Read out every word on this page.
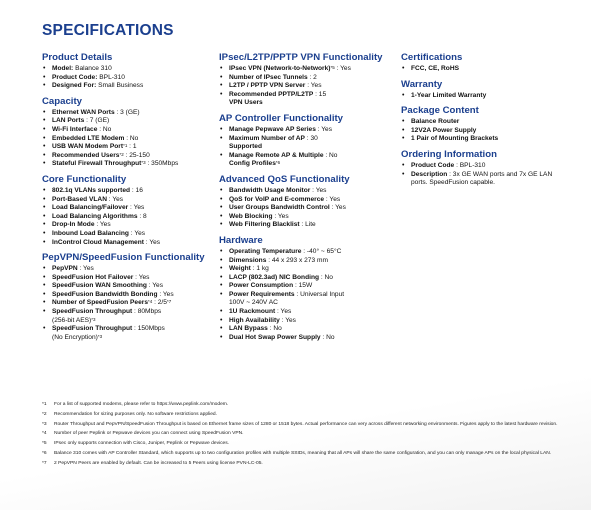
SPECIFICATIONS
Product Details
• Model: Balance 310
• Product Code: BPL-310
• Designed For: Small Business
Capacity
• Ethernet WAN Ports : 3 (GE)
• LAN Ports : 7 (GE)
• Wi-Fi Interface : No
• Embedded LTE Modem : No
• USB WAN Modem Port$^{*1}$ : 1
• Recommended Users$^{*2}$ : 25-150
• Stateful Firewall Throughput$^{*3}$ : 350Mbps
Core Functionality
• 802.1q VLANs supported : 16
• Port-Based VLAN : Yes
• Load Balancing/Failover : Yes
• Load Balancing Algorithms : 8
• Drop-In Mode : Yes
• Inbound Load Balancing : Yes
• InControl Cloud Management : Yes
PepVPN/SpeedFusion Functionality
• PepVPN : Yes
• SpeedFusion Hot Failover : Yes
• SpeedFusion WAN Smoothing : Yes
• SpeedFusion Bandwidth Bonding : Yes
• Number of SpeedFusion Peers$^{*4}$ : 2/5$^{*7}$
• SpeedFusion Throughput : 80Mbps
(256-bit AES)$^{*3}$
• SpeedFusion Throughput : 150Mbps
(No Encryption)$^{*3}$
IPsec/L2TP/PPTP VPN Functionality
• IPsec VPN (Network-to-Network)$^{*5}$ : Yes
• Number of IPsec Tunnels : 2
• L2TP / PPTP VPN Server : Yes
• Recommended PPTP/L2TP : 15
VPN Users
AP Controller Functionality
• Manage Pepwave AP Series : Yes
• Maximum Number of AP : 30
Supported
• Manage Remote AP & Multiple : No
Config Profiles$^{*6}$
Advanced QoS Functionality
• Bandwidth Usage Monitor : Yes
• QoS for VoIP and E-commerce : Yes
• User Groups Bandwidth Control : Yes
• Web Blocking : Yes
• Web Filtering Blacklist : Lite
Hardware
• Operating Temperature : -40° ~ 65°C
• Dimensions : 44 x 293 x 273 mm
• Weight : 1 kg
• LACP (802.3ad) NIC Bonding : No
• Power Consumption : 15W
• Power Requirements : Universal Input
100V ~ 240V AC
• 1U Rackmount : Yes
• High Availability : Yes
• LAN Bypass : No
• Dual Hot Swap Power Supply : No
Certifications
• FCC, CE, RoHS
Warranty
• 1-Year Limited Warranty
Package Content
• Balance Router
• 12V2A Power Supply
• 1 Pair of Mounting Brackets
Ordering Information
• Product Code : BPL-310
• Description : 3x GE WAN ports and 7x GE LAN ports. SpeedFusion capable.
*1 For a list of supported modems, please refer to https://www.peplink.com/modem.
*2 Recommendation for sizing purposes only. No software restrictions applied.
*3 Router Throughput and PepVPN/SpeedFusion Throughput is based on Ethernet frame sizes of 1280 or 1518 bytes. Actual performance can very across different networking environments. Figures apply to the latest hardware revision.
*4 Number of peer Peplink or Pepwave devices you can connect using SpeedFusion VPN.
*5 IPsec only supports connection with Cisco, Juniper, Peplink or Pepwave devices.
*6 Balance 310 comes with AP Controller Standard, which supports up to two configuration profiles with multiple SSIDs, meaning that all APs will share the same configuration, and you can only manage APs on the local physical LAN.
*7 2 PepVPN Peers are enabled by default. Can be increased to 5 Peers using license PVN-LC-05.
